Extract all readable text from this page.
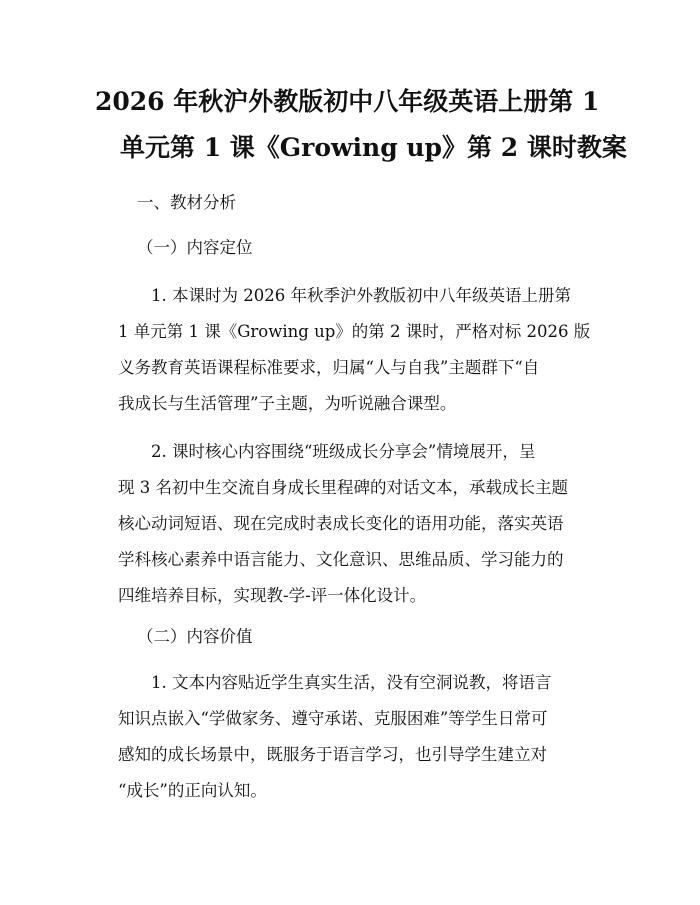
2026 年秋沪外教版初中八年级英语上册第 1
单元第 1 课《Growing up》第 2 课时教案
一、教材分析
（一）内容定位
1. 本课时为 2026 年秋季沪外教版初中八年级英语上册第
1 单元第 1 课《Growing up》的第 2 课时，严格对标 2026 版
义务教育英语课程标准要求，归属“人与自我”主题群下“自
我成长与生活管理”子主题，为听说融合课型。
2. 课时核心内容围绕“班级成长分享会”情境展开，呈
现 3 名初中生交流自身成长里程碑的对话文本，承载成长主题
核心动词短语、现在完成时表成长变化的语用功能，落实英语
学科核心素养中语言能力、文化意识、思维品质、学习能力的
四维培养目标，实现教-学-评一体化设计。
（二）内容价值
1. 文本内容贴近学生真实生活，没有空洞说教，将语言
知识点嵌入“学做家务、遵守承诺、克服困难”等学生日常可
感知的成长场景中，既服务于语言学习，也引导学生建立对
“成长”的正向认知。
